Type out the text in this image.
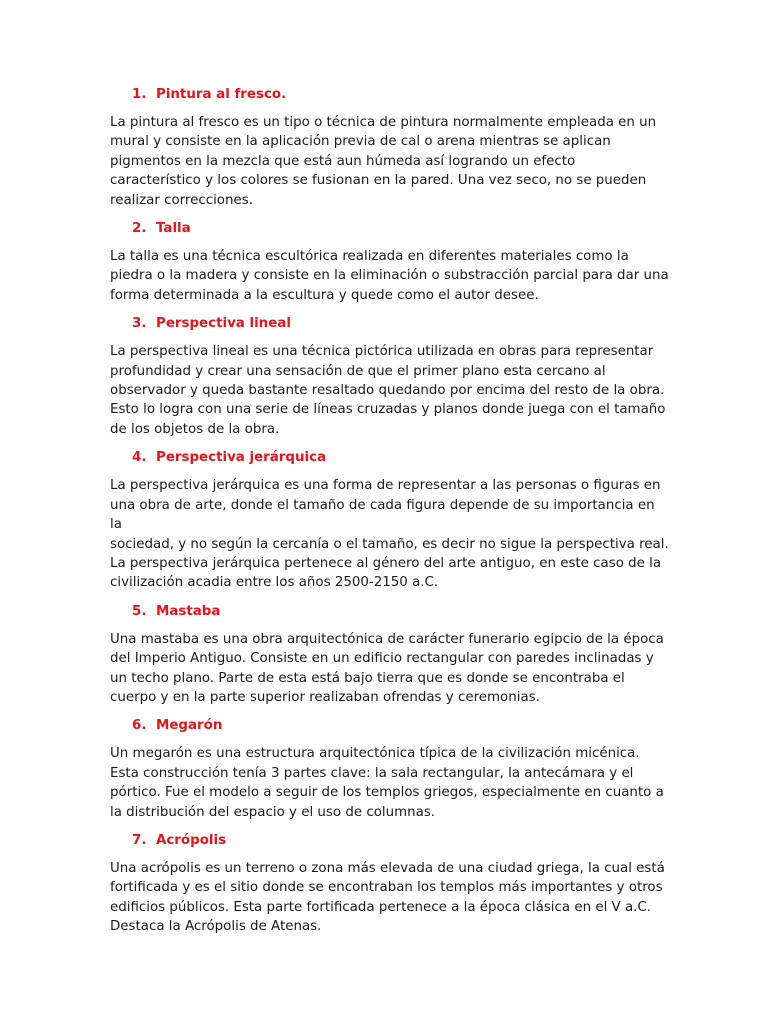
1. Pintura al fresco.
La pintura al fresco es un tipo o técnica de pintura normalmente empleada en un
mural y consiste en la aplicación previa de cal o arena mientras se aplican
pigmentos en la mezcla que está aun húmeda así logrando un efecto
característico y los colores se fusionan en la pared. Una vez seco, no se pueden
realizar correcciones.
2. Talla
La talla es una técnica escultórica realizada en diferentes materiales como la
piedra o la madera y consiste en la eliminación o substracción parcial para dar una
forma determinada a la escultura y quede como el autor desee.
3. Perspectiva lineal
La perspectiva lineal es una técnica pictórica utilizada en obras para representar
profundidad y crear una sensación de que el primer plano esta cercano al
observador y queda bastante resaltado quedando por encima del resto de la obra.
Esto lo logra con una serie de líneas cruzadas y planos donde juega con el tamaño
de los objetos de la obra.
4. Perspectiva jerárquica
La perspectiva jerárquica es una forma de representar a las personas o figuras en
una obra de arte, donde el tamaño de cada figura depende de su importancia en la
sociedad, y no según la cercanía o el tamaño, es decir no sigue la perspectiva real.
La perspectiva jerárquica pertenece al género del arte antiguo, en este caso de la
civilización acadia entre los años 2500-2150 a.C.
5. Mastaba
Una mastaba es una obra arquitectónica de carácter funerario egipcio de la época
del Imperio Antiguo. Consiste en un edificio rectangular con paredes inclinadas y
un techo plano. Parte de esta está bajo tierra que es donde se encontraba el
cuerpo y en la parte superior realizaban ofrendas y ceremonias.
6. Megarón
Un megarón es una estructura arquitectónica típica de la civilización micénica.
Esta construcción tenía 3 partes clave: la sala rectangular, la antecámara y el
pórtico. Fue el modelo a seguir de los templos griegos, especialmente en cuanto a
la distribución del espacio y el uso de columnas.
7. Acrópolis
Una acrópolis es un terreno o zona más elevada de una ciudad griega, la cual está
fortificada y es el sitio donde se encontraban los templos más importantes y otros
edificios públicos. Esta parte fortificada pertenece a la época clásica en el V a.C.
Destaca la Acrópolis de Atenas.
